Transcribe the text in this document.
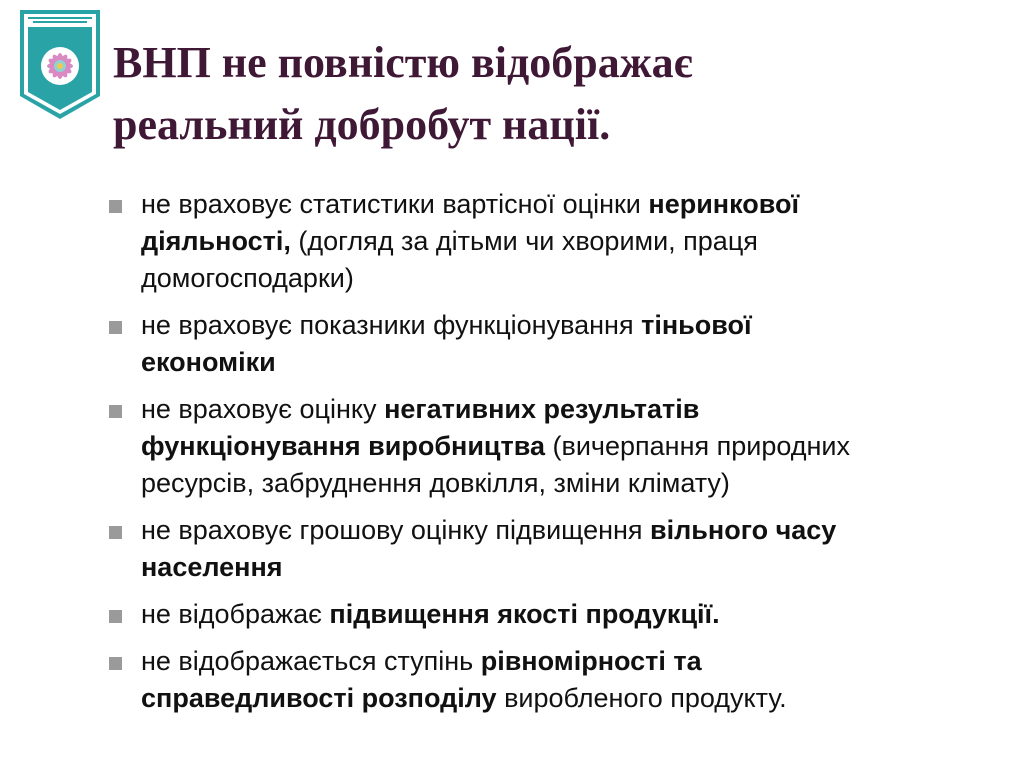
ВНП не повністю відображає
реальний добробут нації.
не враховує статистики вартісної оцінки неринкової
діяльності, (догляд за дітьми чи хворими, праця
домогосподарки)
не враховує показники функціонування тіньової
економіки
не враховує оцінку негативних результатів
функціонування виробництва (вичерпання природних
ресурсів, забруднення довкілля, зміни клімату)
не враховує грошову оцінку підвищення вільного часу
населення
не відображає підвищення якості продукції.
не відображається ступінь рівномірності та
справедливості розподілу виробленого продукту.
